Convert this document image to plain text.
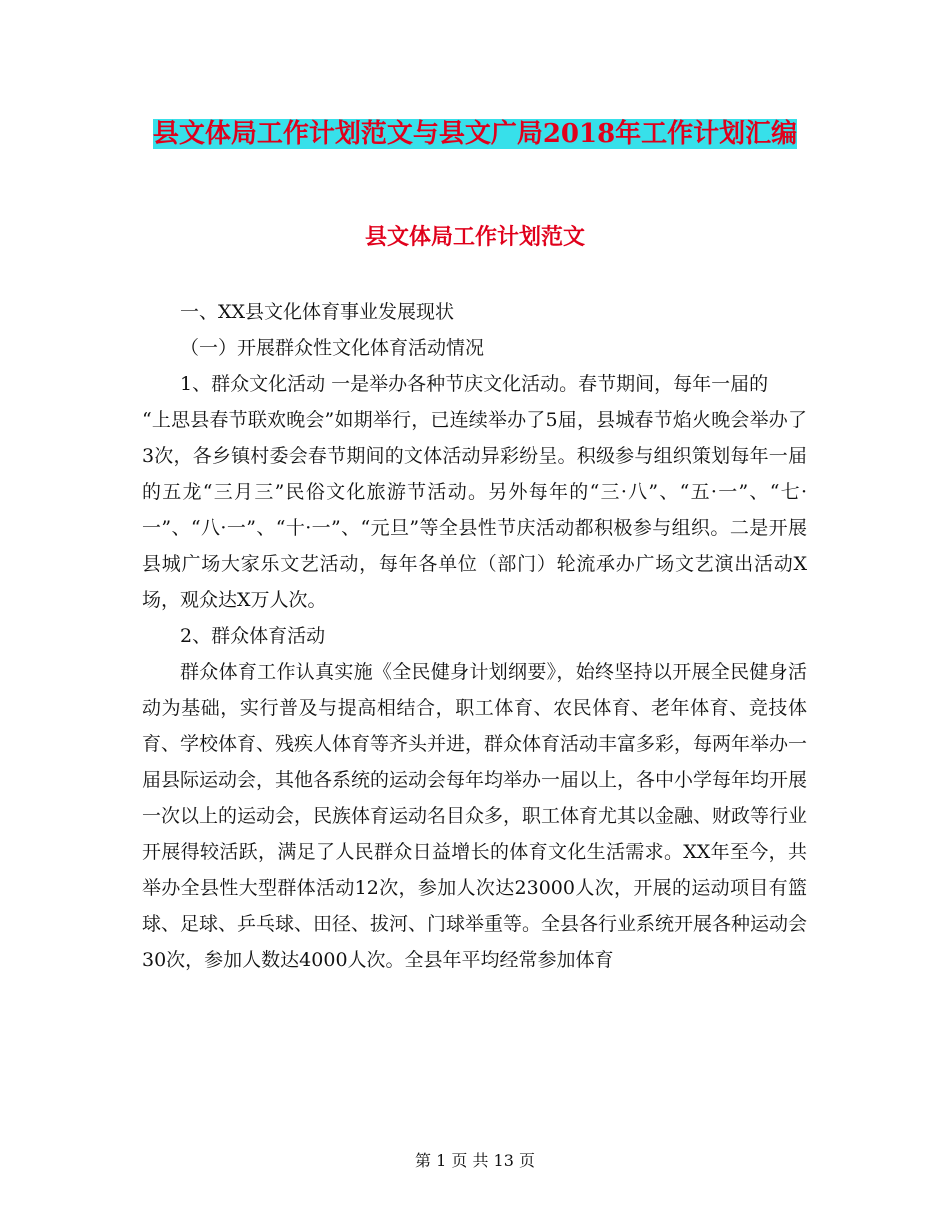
县文体局工作计划范文与县文广局2018年工作计划汇编
县文体局工作计划范文

一、XX县文化体育事业发展现状

（一）开展群众性文化体育活动情况

1、群众文化活动 一是举办各种节庆文化活动。春节期间，每年一届的

“上思县春节联欢晚会”如期举行，已连续举办了5届，县城春节焰火晚会举办了3次，各乡镇村委会春节期间的文体活动异彩纷呈。积级参与组织策划每年一届的五龙“三月三”民俗文化旅游节活动。另外每年的“三·八”、“五·一”、“七·一”、“八·一”、“十·一”、“元旦”等全县性节庆活动都积极参与组织。二是开展县城广场大家乐文艺活动，每年各单位（部门）轮流承办广场文艺演出活动X场，观众达X万人次。

2、群众体育活动

群众体育工作认真实施《全民健身计划纲要》，始终坚持以开展全民健身活动为基础，实行普及与提高相结合，职工体育、农民体育、老年体育、竞技体育、学校体育、残疾人体育等齐头并进，群众体育活动丰富多彩，每两年举办一届县际运动会，其他各系统的运动会每年均举办一届以上，各中小学每年均开展一次以上的运动会，民族体育运动名目众多，职工体育尤其以金融、财政等行业开展得较活跃，满足了人民群众日益增长的体育文化生活需求。XX年至今，共举办全县性大型群体活动12次，参加人次达23000人次，开展的运动项目有篮球、足球、乒乓球、田径、拔河、门球举重等。全县各行业系统开展各种运动会30次，参加人数达4000人次。全县年平均经常参加体育

第 1 页 共 13 页
